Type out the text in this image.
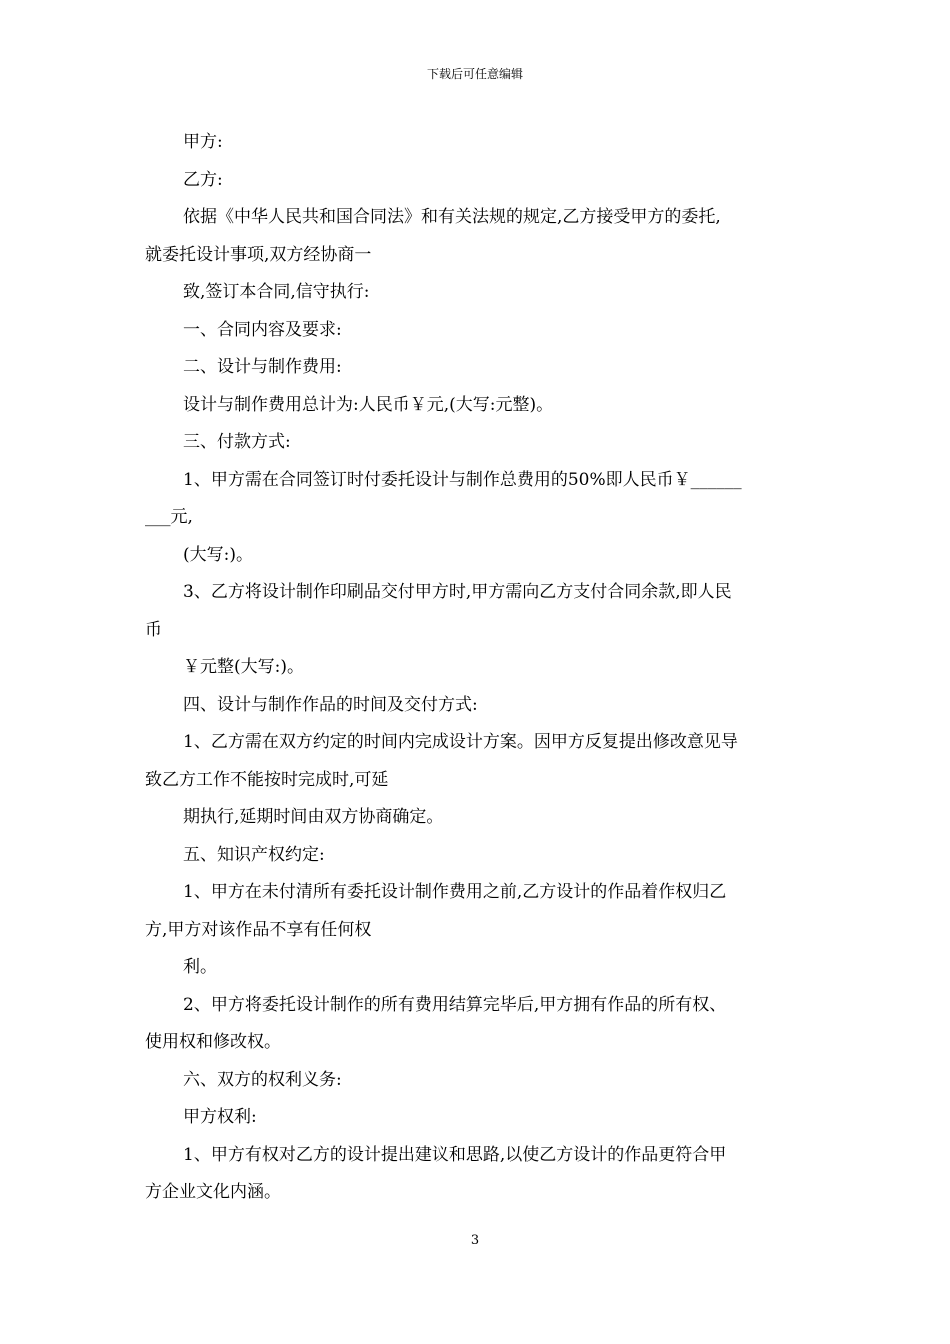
下载后可任意编辑
甲方:
乙方:
依据《中华人民共和国合同法》和有关法规的规定,乙方接受甲方的委托,
就委托设计事项,双方经协商一
致,签订本合同,信守执行:
一、合同内容及要求:
二、设计与制作费用:
设计与制作费用总计为:人民币￥元,(大写:元整)。
三、付款方式:
1、甲方需在合同签订时付委托设计与制作总费用的50%即人民币￥______
___元,
(大写:)。
3、乙方将设计制作印刷品交付甲方时,甲方需向乙方支付合同余款,即人民
币
￥元整(大写:)。
四、设计与制作作品的时间及交付方式:
1、乙方需在双方约定的时间内完成设计方案。因甲方反复提出修改意见导
致乙方工作不能按时完成时,可延
期执行,延期时间由双方协商确定。
五、知识产权约定:
1、甲方在未付清所有委托设计制作费用之前,乙方设计的作品着作权归乙
方,甲方对该作品不享有任何权
利。
2、甲方将委托设计制作的所有费用结算完毕后,甲方拥有作品的所有权、
使用权和修改权。
六、双方的权利义务:
甲方权利:
1、甲方有权对乙方的设计提出建议和思路,以使乙方设计的作品更符合甲
方企业文化内涵。
3
